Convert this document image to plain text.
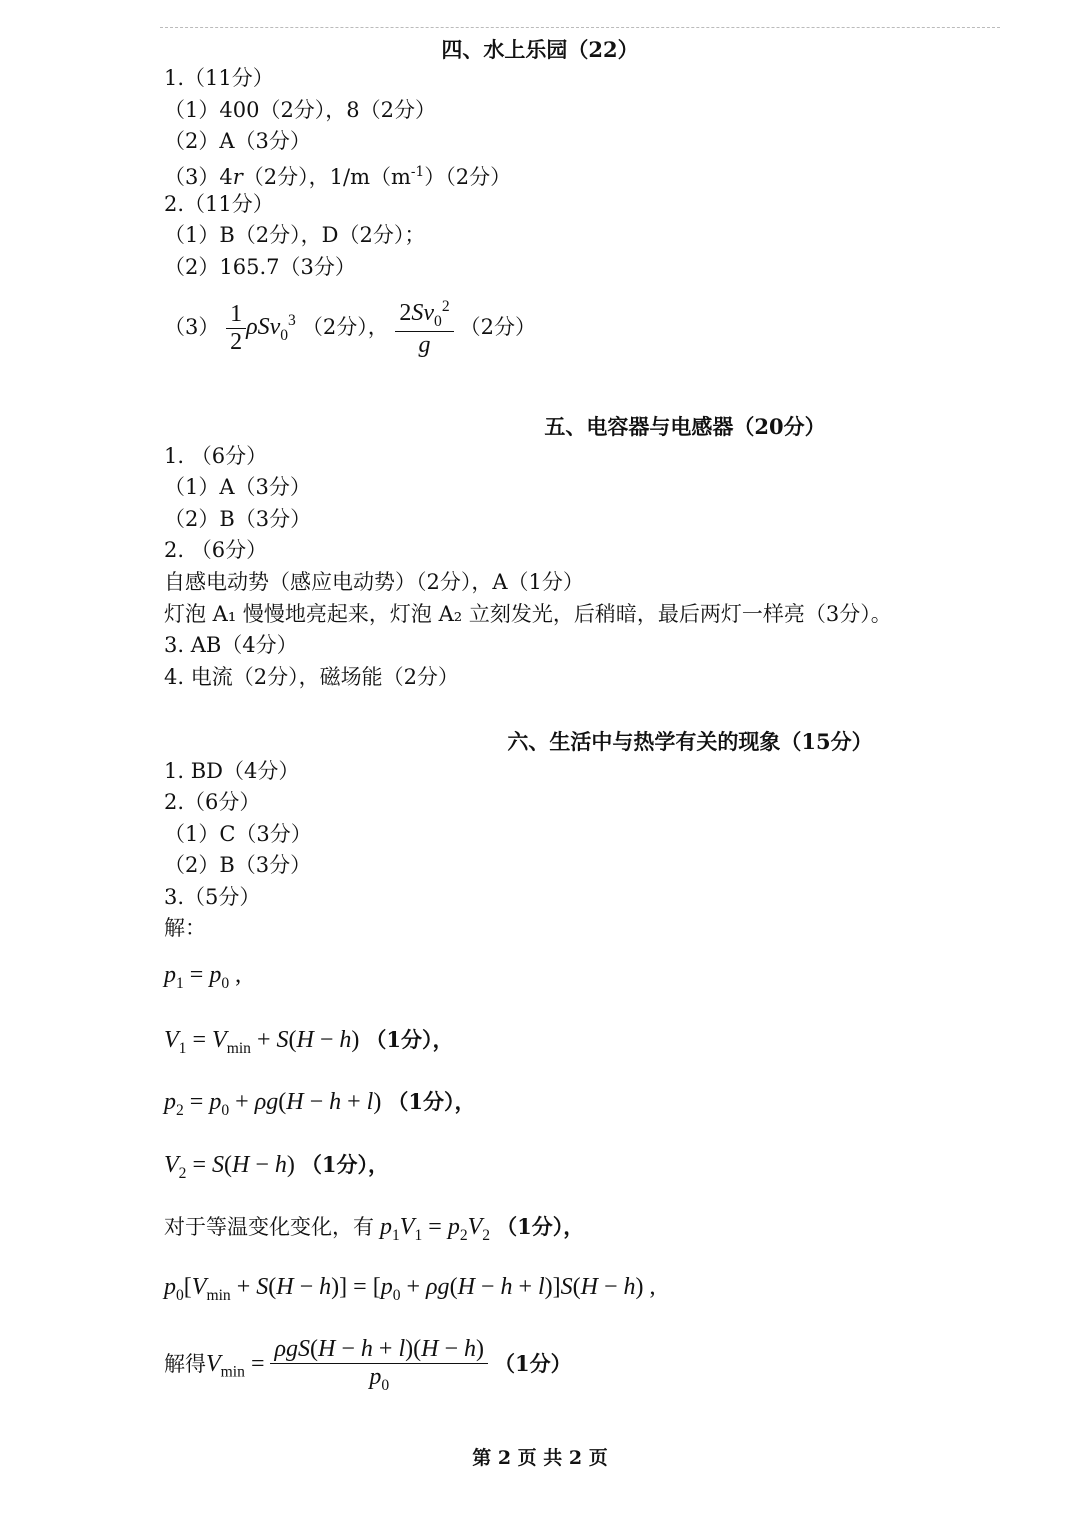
四、水上乐园（22）
1.（11分）
（1）400（2分），8（2分）
（2）A（3分）
（3）4r（2分），$1/m(m^{-1})(2$分）
2.（11分）
（1）B（2分），D（2分）；
（2）165.7（3分）
$(3) \frac{1}{2} \rho Sv_0^3$ （2分）， $\frac{2Sv_0^2}{g} (2$分）
五、电容器与电感器（20分）
1. （6分）
（1）A（3分）
（2）B（3分）
2. （6分）
自感电动势（感应电动势）（2分），A（1分）
灯泡 A₁ 慢慢地亮起来，灯泡 A₂ 立刻发光，后稍暗，最后两灯一样亮（3分）。
3. AB（4分）
4. 电流（2分），磁场能（2分）
六、生活中与热学有关的现象（15分）
1. BD（4分）
2.（6分）
（1）C（3分）
（2）B（3分）
3.（5分）
解：
$p_1 = p_0$ ,
$V_1 = V_{min} + S(H - h)$ （1分），
$p_2 = p_0 + \rho g(H - h + l)$ （1分），
$V_2 = S(H - h)$ （1分），
对于等温变化变化，有 $p_1V_1 = p_2V_2$ （1分），
$p_0[V_{min} + S(H - h)] = [p_0 + \rho g(H - h + l)]S(H - h)$ ,
解得$V_{min} = \frac{\text{ρgS(H − h + l)(H − h)}}{p_0} (1$分）
第 2 页 共 2 页
